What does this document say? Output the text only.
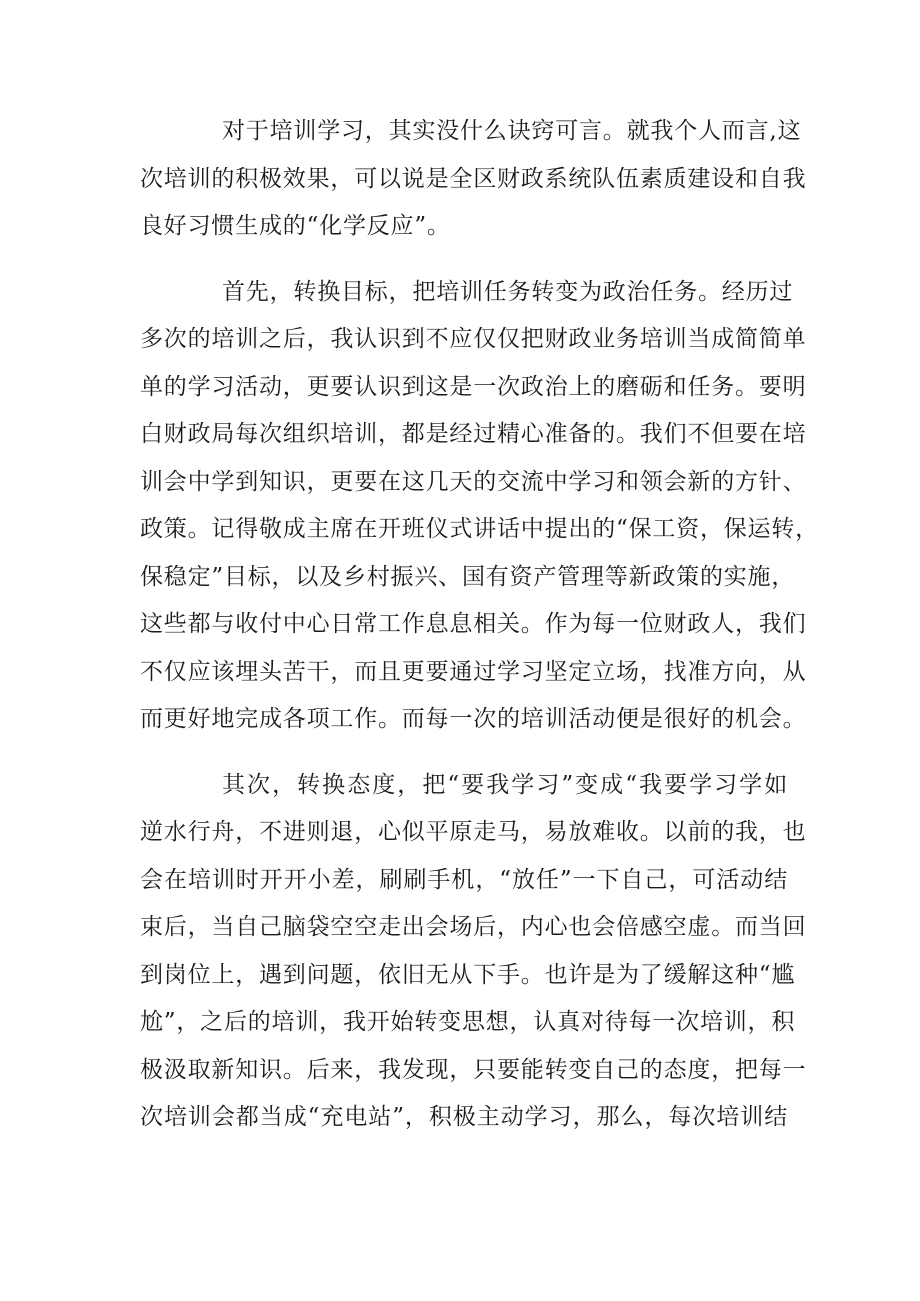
对于培训学习，其实没什么诀窍可言。就我个人而言,这
次培训的积极效果，可以说是全区财政系统队伍素质建设和自我
良好习惯生成的“化学反应”。
首先，转换目标，把培训任务转变为政治任务。经历过
多次的培训之后，我认识到不应仅仅把财政业务培训当成简简单
单的学习活动，更要认识到这是一次政治上的磨砺和任务。要明
白财政局每次组织培训，都是经过精心准备的。我们不但要在培
训会中学到知识，更要在这几天的交流中学习和领会新的方针、
政策。记得敬成主席在开班仪式讲话中提出的“保工资，保运转，
保稳定”目标，以及乡村振兴、国有资产管理等新政策的实施，
这些都与收付中心日常工作息息相关。作为每一位财政人，我们
不仅应该埋头苦干，而且更要通过学习坚定立场，找准方向，从
而更好地完成各项工作。而每一次的培训活动便是很好的机会。
其次，转换态度，把“要我学习”变成“我要学习学如
逆水行舟，不进则退，心似平原走马，易放难收。以前的我，也
会在培训时开开小差，刷刷手机，“放任”一下自己，可活动结
束后，当自己脑袋空空走出会场后，内心也会倍感空虚。而当回
到岗位上，遇到问题，依旧无从下手。也许是为了缓解这种“尴
尬”，之后的培训，我开始转变思想，认真对待每一次培训，积
极汲取新知识。后来，我发现，只要能转变自己的态度，把每一
次培训会都当成“充电站”，积极主动学习，那么，每次培训结
